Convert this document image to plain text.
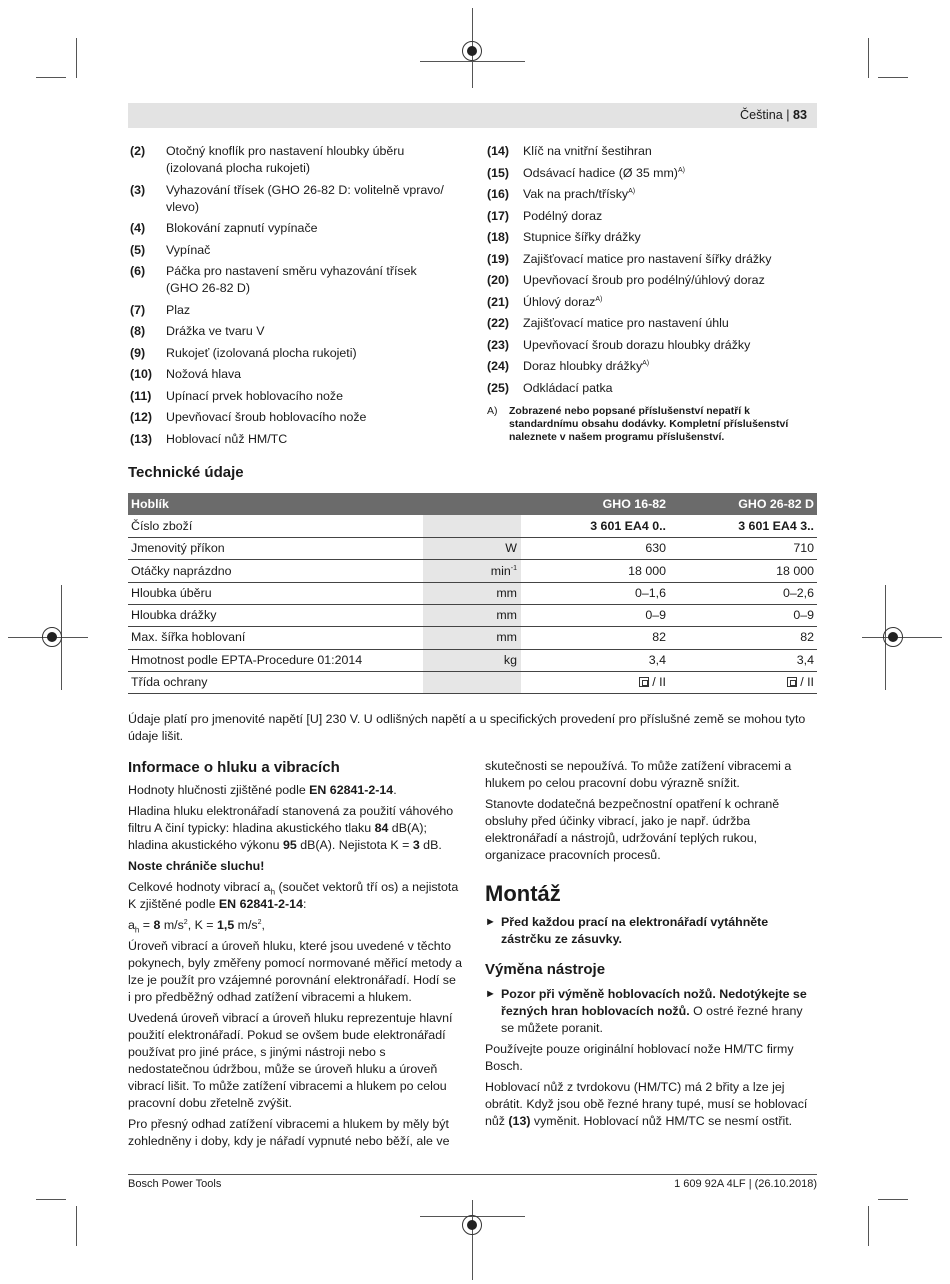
Čeština | 83
(2)	Otočný knoflík pro nastavení hloubky úběru (izolovaná plocha rukojeti)
(3)	Vyhazování třísek (GHO 26-82 D: volitelně vpravo/ vlevo)
(4)	Blokování zapnutí vypínače
(5)	Vypínač
(6)	Páčka pro nastavení směru vyhazování třísek (GHO 26-82 D)
(7)	Plaz
(8)	Drážka ve tvaru V
(9)	Rukojeť (izolovaná plocha rukojeti)
(10)	Nožová hlava
(11)	Upínací prvek hoblovacího nože
(12)	Upevňovací šroub hoblovacího nože
(13)	Hoblovací nůž HM/TC
(14)	Klíč na vnitřní šestihran
(15)	Odsávací hadice (Ø 35 mm)$^{A)}$
(16)	Vak na prach/třísky$^{A)}$
(17)	Podélný doraz
(18)	Stupnice šířky drážky
(19)	Zajišťovací matice pro nastavení šířky drážky
(20)	Upevňovací šroub pro podélný/úhlový doraz
(21)	Úhlový doraz$^{A)}$
(22)	Zajišťovací matice pro nastavení úhlu
(23)	Upevňovací šroub dorazu hloubky drážky
(24)	Doraz hloubky drážky$^{A)}$
(25)	Odkládací patka
A)	Zobrazené nebo popsané příslušenství nepatří k standardnímu obsahu dodávky. Kompletní příslušenství naleznete v našem programu příslušenství.
Technické údaje
Hoblík		GHO 16-82	GHO 26-82 D
Číslo zboží		3 601 EA4 0..	3 601 EA4 3..
Jmenovitý příkon	W	630	710
Otáčky naprázdno	$\min^{-1}$	18 000	18 000
Hloubka úběru	mm	0–1,6	0–2,6
Hloubka drážky	mm	0–9	0–9
Max. šířka hoblovaní	mm	82	82
Hmotnost podle EPTA-Procedure 01:2014	kg	3,4	3,4
Třída ochrany		/ II	/ II
Údaje platí pro jmenovité napětí [U] 230 V. U odlišných napětí a u specifických provedení pro příslušné země se mohou tyto údaje lišit.
Informace o hluku a vibracích

Hodnoty hlučnosti zjištěné podle EN 62841-2-14.

Hladina hluku elektronářadí stanovená za použití váhového filtru A činí typicky: hladina akustického tlaku 84 dB(A); hladina akustického výkonu 95 dB(A). Nejistota K = 3 dB.

Noste chrániče sluchu!

Celkové hodnoty vibrací $a_h$ (součet vektorů tří os) a nejistota K zjištěné podle EN 62841-2-14:

$a_h = 8$ $m/s^2$, K = 1,5 $m/s^2$,

Úroveň vibrací a úroveň hluku, které jsou uvedené v těchto pokynech, byly změřeny pomocí normované měřicí metody a lze je použít pro vzájemné porovnání elektronářadí. Hodí se i pro předběžný odhad zatížení vibracemi a hlukem.

Uvedená úroveň vibrací a úroveň hluku reprezentuje hlavní použití elektronářadí. Pokud se ovšem bude elektronářadí používat pro jiné práce, s jinými nástroji nebo s nedostatečnou údržbou, může se úroveň hluku a úroveň vibrací lišit. To může zatížení vibracemi a hlukem po celou pracovní dobu zřetelně zvýšit.

Pro přesný odhad zatížení vibracemi a hlukem by měly být zohledněny i doby, kdy je nářadí vypnuté nebo běží, ale ve

skutečnosti se nepoužívá. To může zatížení vibracemi a hlukem po celou pracovní dobu výrazně snížit.

Stanovte dodatečná bezpečnostní opatření k ochraně obsluhy před účinky vibrací, jako je např. údržba elektronářadí a nástrojů, udržování teplých rukou, organizace pracovních procesů.

Montáž
► Před každou prací na elektronářadí vytáhněte zástrčku ze zásuvky.
Výměna nástroje
► Pozor při výměně hoblovacích nožů. Nedotýkejte se řezných hran hoblovacích nožů. O ostré řezné hrany se můžete poranit.

Používejte pouze originální hoblovací nože HM/TC firmy Bosch.

Hoblovací nůž z tvrdokovu (HM/TC) má 2 břity a lze jej obrátit. Když jsou obě řezné hrany tupé, musí se hoblovací nůž (13) vyměnit. Hoblovací nůž HM/TC se nesmí ostřit.

Bosch Power Tools	1 609 92A 4LF | (26.10.2018)
